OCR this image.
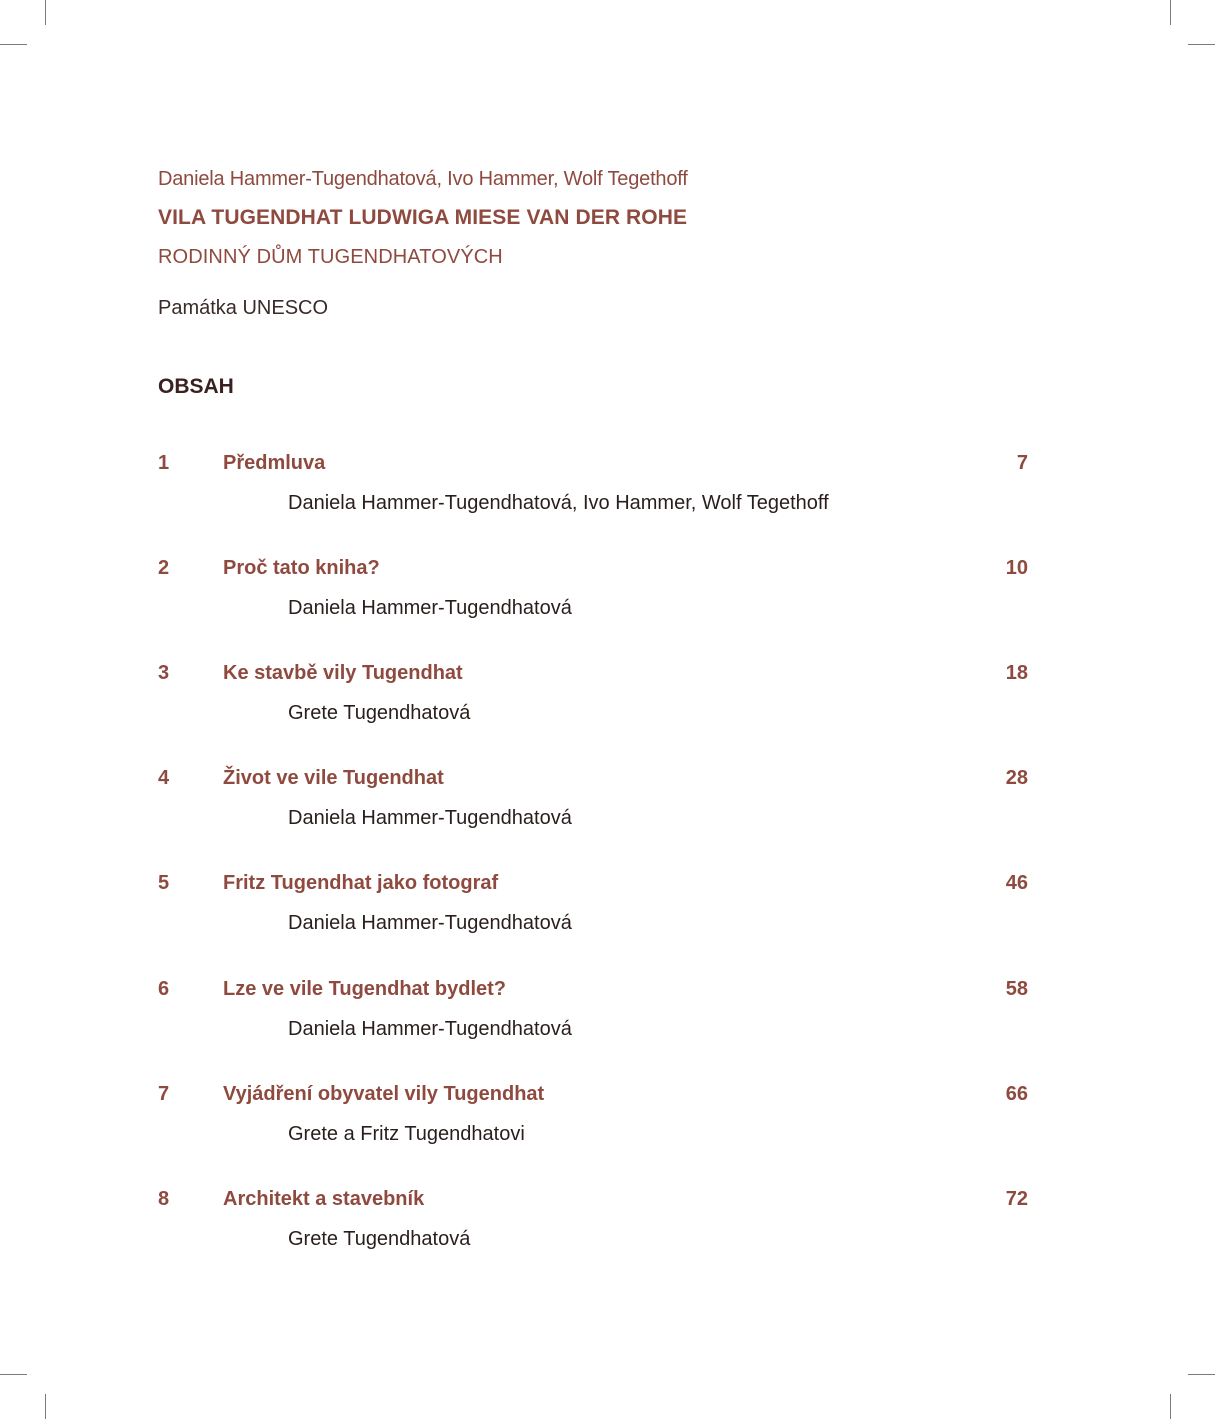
Daniela Hammer-Tugendhatová, Ivo Hammer, Wolf Tegethoff
VILA TUGENDHAT LUDWIGA MIESE VAN DER ROHE
RODINNÝ DŮM TUGENDHATOVÝCH
Památka UNESCO
OBSAH
1	Předmluva	7
Daniela Hammer-Tugendhatová, Ivo Hammer, Wolf Tegethoff
2	Proč tato kniha?	10
Daniela Hammer-Tugendhatová
3	Ke stavbě vily Tugendhat	18
Grete Tugendhatová
4	Život ve vile Tugendhat	28
Daniela Hammer-Tugendhatová
5	Fritz Tugendhat jako fotograf	46
Daniela Hammer-Tugendhatová
6	Lze ve vile Tugendhat bydlet?	58
Daniela Hammer-Tugendhatová
7	Vyjádření obyvatel vily Tugendhat	66
Grete a Fritz Tugendhatovi
8	Architekt a stavebník	72
Grete Tugendhatová
